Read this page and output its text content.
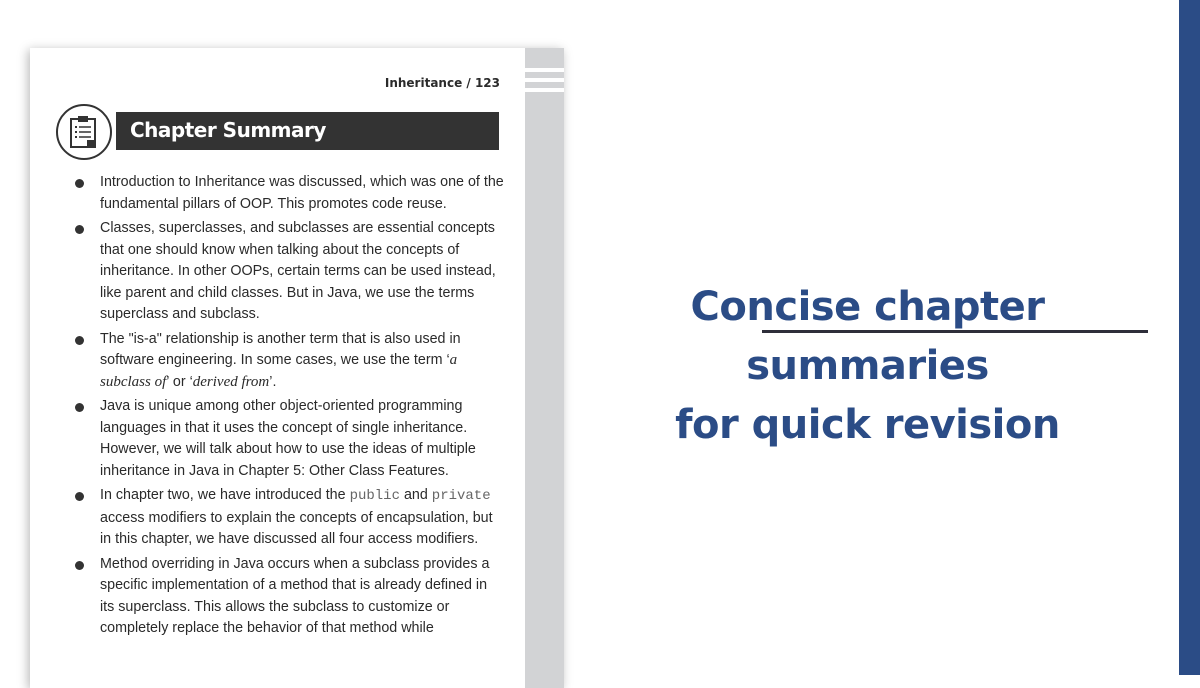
Inheritance / 123
Chapter Summary
Introduction to Inheritance was discussed, which was one of the fundamental pillars of OOP. This promotes code reuse.
Classes, superclasses, and subclasses are essential concepts that one should know when talking about the concepts of inheritance. In other OOPs, certain terms can be used instead, like parent and child classes. But in Java, we use the terms superclass and subclass.
The "is-a" relationship is another term that is also used in software engineering. In some cases, we use the term ‘a subclass of’ or ‘derived from’.
Java is unique among other object-oriented programming languages in that it uses the concept of single inheritance. However, we will talk about how to use the ideas of multiple inheritance in Java in Chapter 5: Other Class Features.
In chapter two, we have introduced the public and private access modifiers to explain the concepts of encapsulation, but in this chapter, we have discussed all four access modifiers.
Method overriding in Java occurs when a subclass provides a specific implementation of a method that is already defined in its superclass. This allows the subclass to customize or completely replace the behavior of that method while
Concise chapter summaries
for quick revision
